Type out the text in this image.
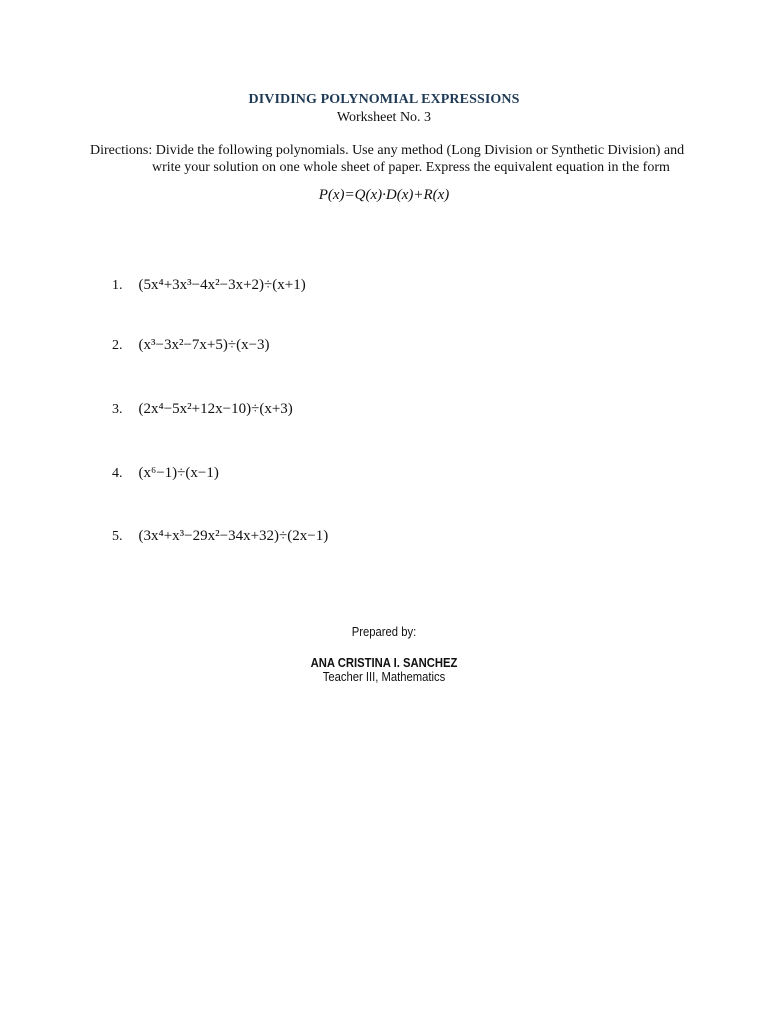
DIVIDING POLYNOMIAL EXPRESSIONS
Worksheet No. 3
Directions: Divide the following polynomials. Use any method (Long Division or Synthetic Division) and
write your solution on one whole sheet of paper. Express the equivalent equation in the form
P(x)=Q(x)·D(x)+R(x)
1. (5x⁴+3x³−4x²−3x+2)÷(x+1)
2. (x³−3x²−7x+5)÷(x−3)
3. (2x⁴−5x²+12x−10)÷(x+3)
4. (x⁶−1)÷(x−1)
5. (3x⁴+x³−29x²−34x+32)÷(2x−1)
Prepared by:
ANA CRISTINA I. SANCHEZ
Teacher III, Mathematics
